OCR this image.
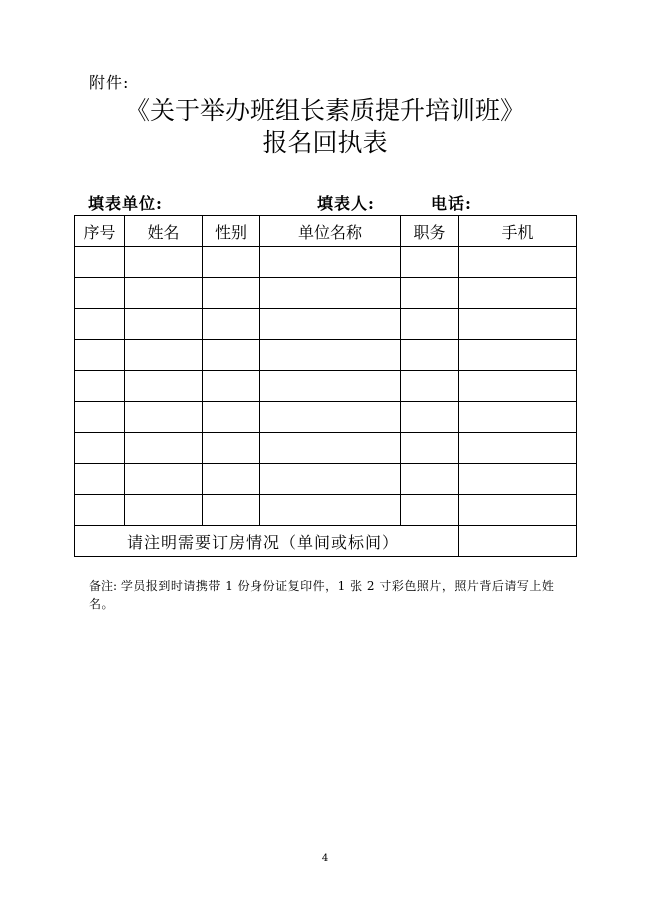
附件:
《关于举办班组长素质提升培训班》
报名回执表
填表单位:	填表人:	电话:
序号	姓名	性别	单位名称	职务	手机

请注明需要订房情况（单间或标间）					
备注: 学员报到时请携带 1 份身份证复印件，1 张 2 寸彩色照片，照片背后请写上姓名。
4
